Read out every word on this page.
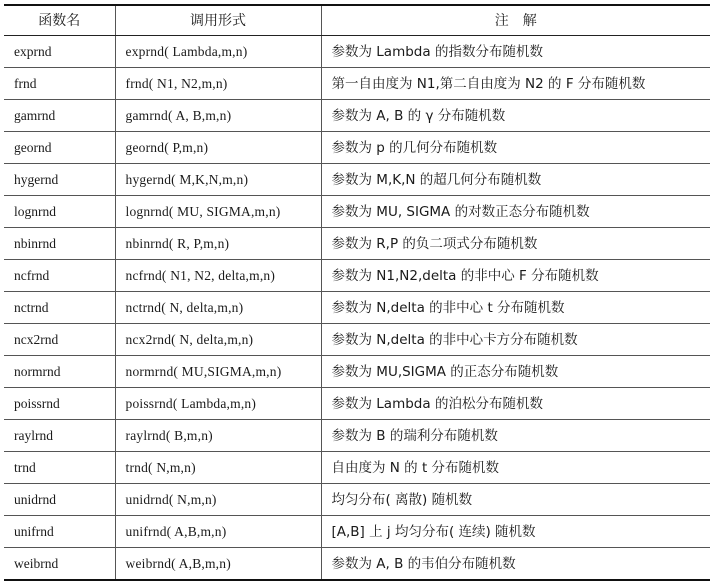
函数名	调用形式	注　解
exprnd	exprnd( Lambda,m,n)	参数为 Lambda 的指数分布随机数
frnd	frnd( N1, N2,m,n)	第一自由度为 N1,第二自由度为 N2 的 F 分布随机数
gamrnd	gamrnd( A, B,m,n)	参数为 A, B 的 γ 分布随机数
geornd	geornd( P,m,n)	参数为 p 的几何分布随机数
hygernd	hygernd( M,K,N,m,n)	参数为 M,K,N 的超几何分布随机数
lognrnd	lognrnd( MU, SIGMA,m,n)	参数为 MU, SIGMA 的对数正态分布随机数
nbinrnd	nbinrnd( R, P,m,n)	参数为 R,P 的负二项式分布随机数
ncfrnd	ncfrnd( N1, N2, delta,m,n)	参数为 N1,N2,delta 的非中心 F 分布随机数
nctrnd	nctrnd( N, delta,m,n)	参数为 N,delta 的非中心 t 分布随机数
ncx2rnd	ncx2rnd( N, delta,m,n)	参数为 N,delta 的非中心卡方分布随机数
normrnd	normrnd( MU,SIGMA,m,n)	参数为 MU,SIGMA 的正态分布随机数
poissrnd	poissrnd( Lambda,m,n)	参数为 Lambda 的泊松分布随机数
raylrnd	raylrnd( B,m,n)	参数为 B 的瑞利分布随机数
trnd	trnd( N,m,n)	自由度为 N 的 t 分布随机数
unidrnd	unidrnd( N,m,n)	均匀分布( 离散) 随机数
unifrnd	unifrnd( A,B,m,n)	[A,B] 上 j 均匀分布( 连续) 随机数
weibrnd	weibrnd( A,B,m,n)	参数为 A, B 的韦伯分布随机数
